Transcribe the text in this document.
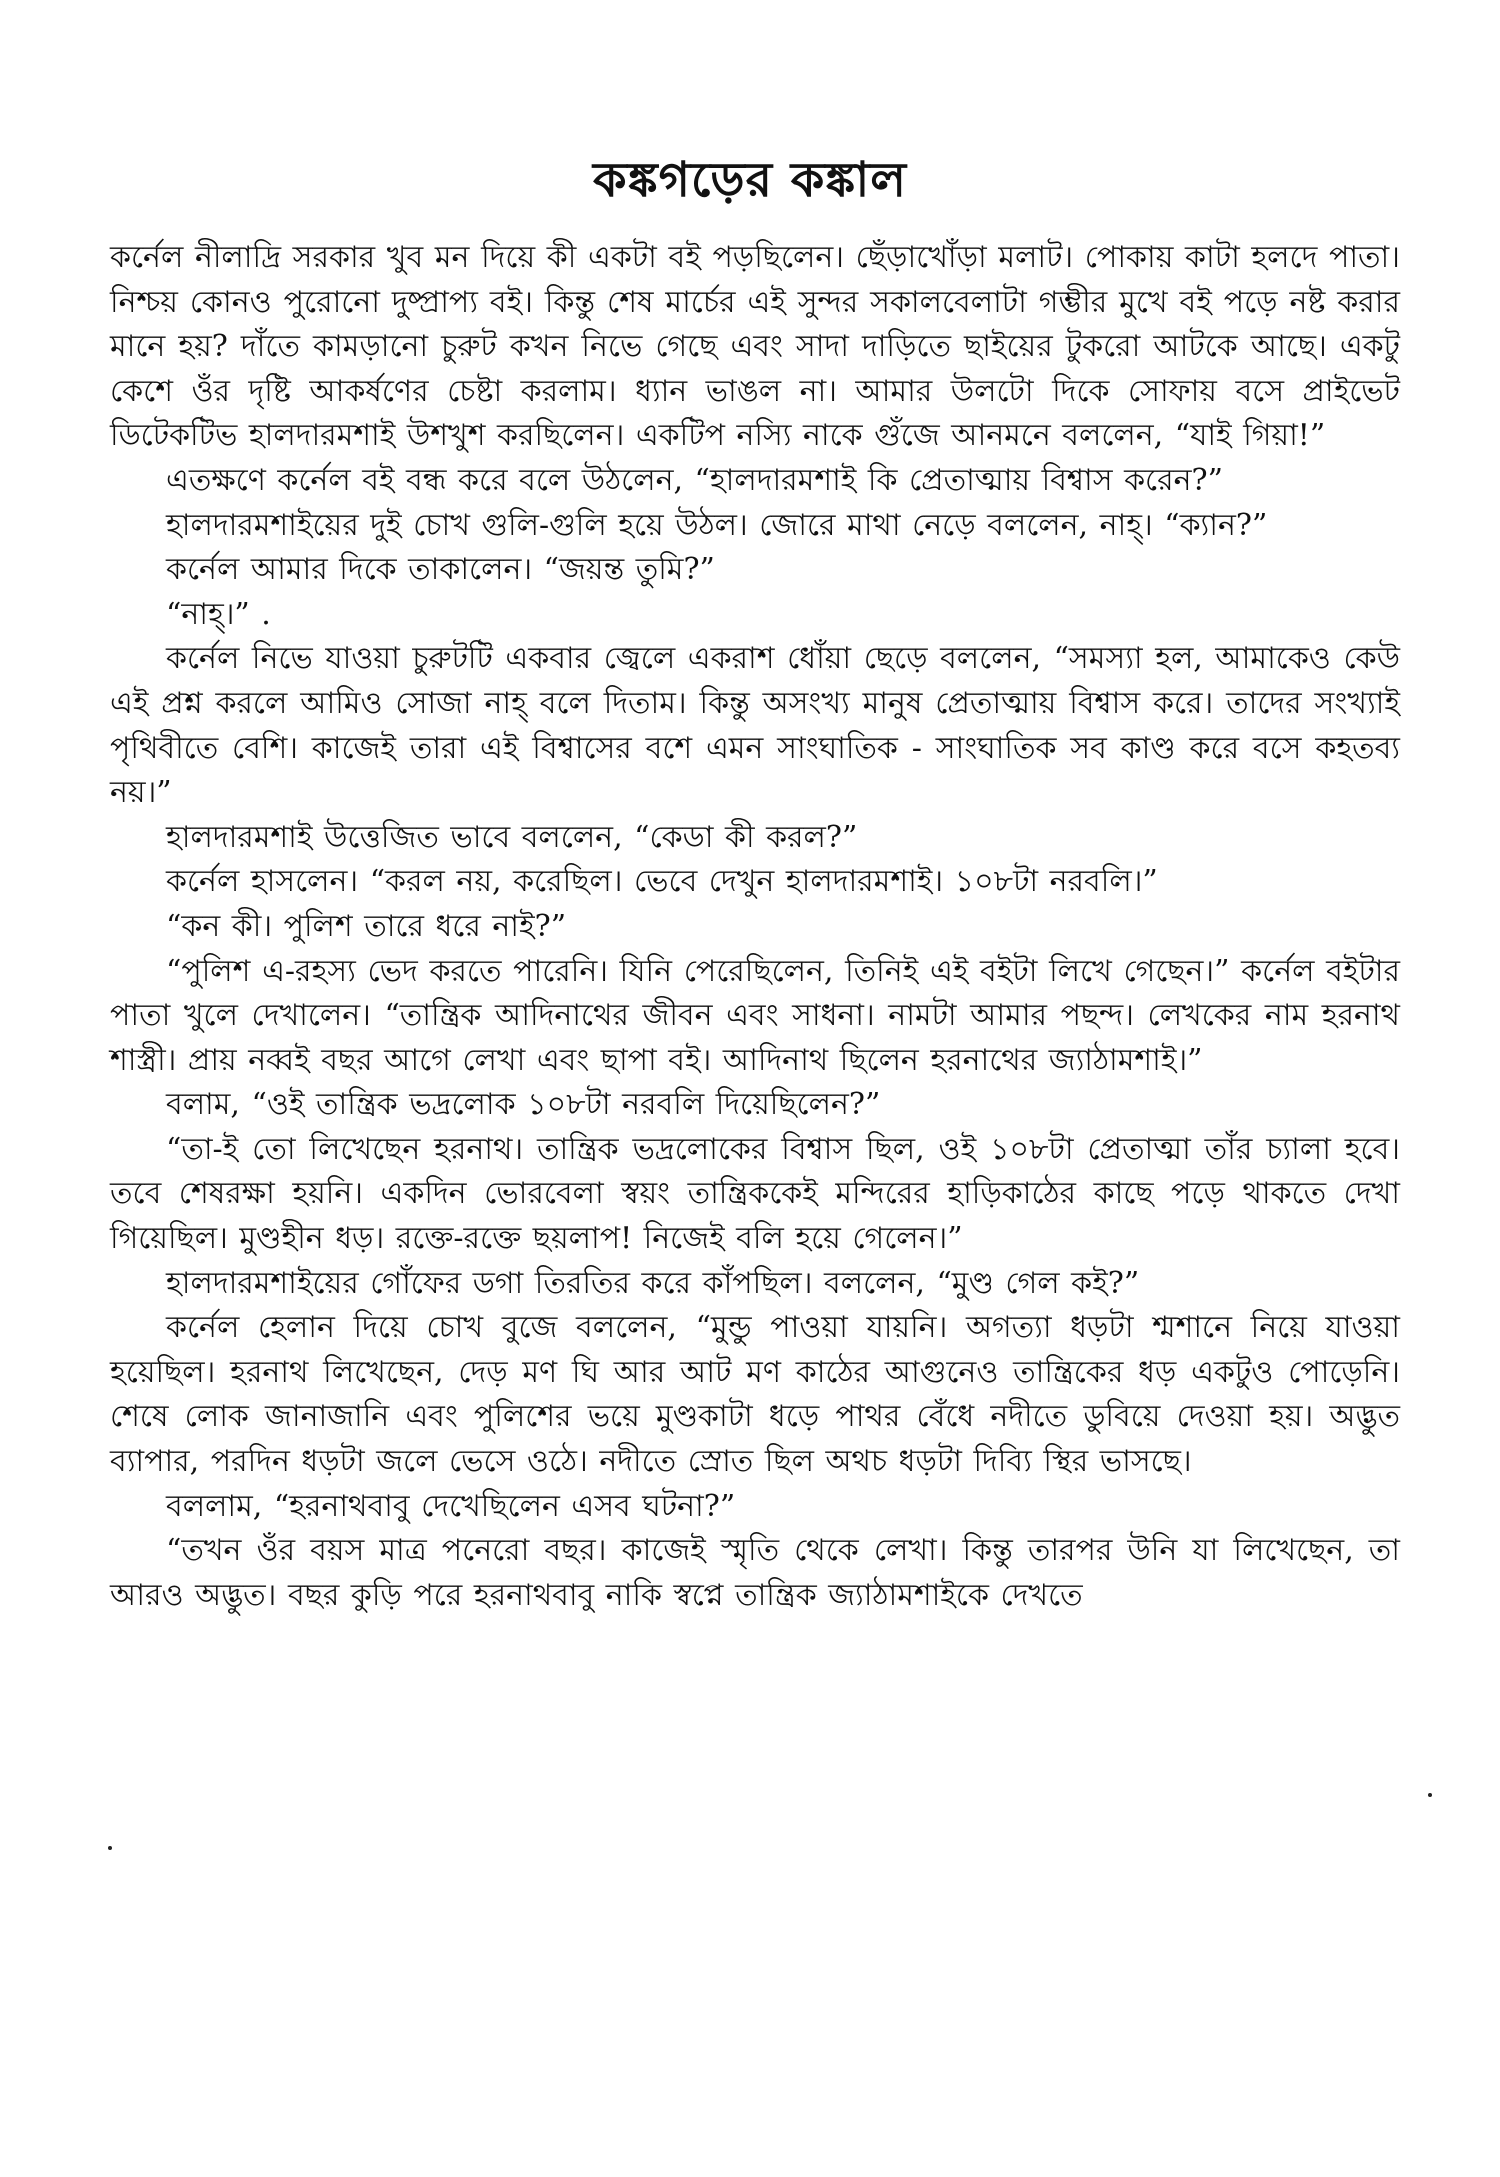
কঙ্কগড়ের কঙ্কাল

কর্নেল নীলাদ্রি সরকার খুব মন দিয়ে কী একটা বই পড়ছিলেন। ছেঁড়াখোঁড়া মলাট। পোকায় কাটা হলদে পাতা। নিশ্চয় কোনও পুরোনো দুষ্প্রাপ্য বই। কিন্তু শেষ মার্চের এই সুন্দর সকালবেলাটা গম্ভীর মুখে বই পড়ে নষ্ট করার মানে হয়? দাঁতে কামড়ানো চুরুট কখন নিভে গেছে এবং সাদা দাড়িতে ছাইয়ের টুকরো আটকে আছে। একটু কেশে ওঁর দৃষ্টি আকর্ষণের চেষ্টা করলাম। ধ্যান ভাঙল না। আমার উলটো দিকে সোফায় বসে প্রাইভেট ডিটেকটিভ হালদারমশাই উশখুশ করছিলেন। একটিপ নস্যি নাকে গুঁজে আনমনে বললেন, “যাই গিয়া!”

এতক্ষণে কর্নেল বই বন্ধ করে বলে উঠলেন, “হালদারমশাই কি প্রেতাত্মায় বিশ্বাস করেন?”

হালদারমশাইয়ের দুই চোখ গুলি-গুলি হয়ে উঠল। জোরে মাথা নেড়ে বললেন, নাহ্। “ক্যান?”

কর্নেল আমার দিকে তাকালেন। “জয়ন্ত তুমি?”

“নাহ্।” .

কর্নেল নিভে যাওয়া চুরুটটি একবার জ্বেলে একরাশ ধোঁয়া ছেড়ে বললেন, “সমস্যা হল, আমাকেও কেউ এই প্রশ্ন করলে আমিও সোজা নাহ্ বলে দিতাম। কিন্তু অসংখ্য মানুষ প্রেতাত্মায় বিশ্বাস করে। তাদের সংখ্যাই পৃথিবীতে বেশি। কাজেই তারা এই বিশ্বাসের বশে এমন সাংঘাতিক - সাংঘাতিক সব কাণ্ড করে বসে কহতব্য নয়।”

হালদারমশাই উত্তেজিত ভাবে বললেন, “কেডা কী করল?”

কর্নেল হাসলেন। “করল নয়, করেছিল। ভেবে দেখুন হালদারমশাই। ১০৮টা নরবলি।”

“কন কী। পুলিশ তারে ধরে নাই?”

“পুলিশ এ-রহস্য ভেদ করতে পারেনি। যিনি পেরেছিলেন, তিনিই এই বইটা লিখে গেছেন।” কর্নেল বইটার পাতা খুলে দেখালেন। “তান্ত্রিক আদিনাথের জীবন এবং সাধনা। নামটা আমার পছন্দ। লেখকের নাম হরনাথ শাস্ত্রী। প্রায় নব্বই বছর আগে লেখা এবং ছাপা বই। আদিনাথ ছিলেন হরনাথের জ্যাঠামশাই।”

বলাম, “ওই তান্ত্রিক ভদ্রলোক ১০৮টা নরবলি দিয়েছিলেন?”

“তা-ই তো লিখেছেন হরনাথ। তান্ত্রিক ভদ্রলোকের বিশ্বাস ছিল, ওই ১০৮টা প্রেতাত্মা তাঁর চ্যালা হবে। তবে শেষরক্ষা হয়নি। একদিন ভোরবেলা স্বয়ং তান্ত্রিককেই মন্দিরের হাড়িকাঠের কাছে পড়ে থাকতে দেখা গিয়েছিল। মুণ্ডহীন ধড়। রক্তে-রক্তে ছয়লাপ! নিজেই বলি হয়ে গেলেন।”

হালদারমশাইয়ের গোঁফের ডগা তিরতির করে কাঁপছিল। বললেন, “মুণ্ড গেল কই?”

কর্নেল হেলান দিয়ে চোখ বুজে বললেন, “মুন্ডু পাওয়া যায়নি। অগত্যা ধড়টা শ্মশানে নিয়ে যাওয়া হয়েছিল। হরনাথ লিখেছেন, দেড় মণ ঘি আর আট মণ কাঠের আগুনেও তান্ত্রিকের ধড় একটুও পোড়েনি। শেষে লোক জানাজানি এবং পুলিশের ভয়ে মুণ্ডকাটা ধড়ে পাথর বেঁধে নদীতে ডুবিয়ে দেওয়া হয়। অদ্ভুত ব্যাপার, পরদিন ধড়টা জলে ভেসে ওঠে। নদীতে স্রোত ছিল অথচ ধড়টা দিব্যি স্থির ভাসছে।

বললাম, “হরনাথবাবু দেখেছিলেন এসব ঘটনা?”

“তখন ওঁর বয়স মাত্র পনেরো বছর। কাজেই স্মৃতি থেকে লেখা। কিন্তু তারপর উনি যা লিখেছেন, তা আরও অদ্ভুত। বছর কুড়ি পরে হরনাথবাবু নাকি স্বপ্নে তান্ত্রিক জ্যাঠামশাইকে দেখতে
